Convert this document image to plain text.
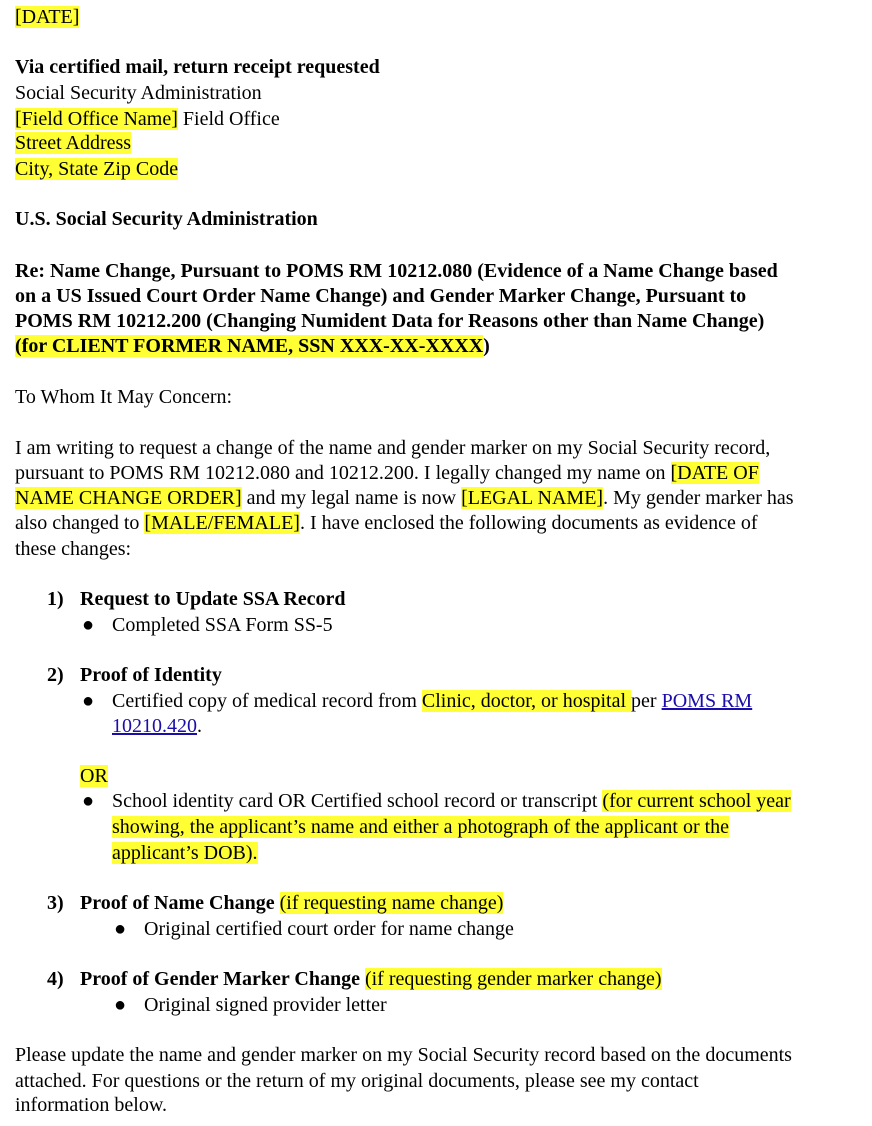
[DATE]
Via certified mail, return receipt requested
Social Security Administration
[Field Office Name] Field Office
Street Address
City, State Zip Code
U.S. Social Security Administration
Re: Name Change, Pursuant to POMS RM 10212.080 (Evidence of a Name Change based
on a US Issued Court Order Name Change) and Gender Marker Change, Pursuant to
POMS RM 10212.200 (Changing Numident Data for Reasons other than Name Change)
(for CLIENT FORMER NAME, SSN XXX-XX-XXXX)
To Whom It May Concern:
I am writing to request a change of the name and gender marker on my Social Security record,
pursuant to POMS RM 10212.080 and 10212.200. I legally changed my name on [DATE OF
NAME CHANGE ORDER] and my legal name is now [LEGAL NAME]. My gender marker has
also changed to [MALE/FEMALE]. I have enclosed the following documents as evidence of
these changes:
1) Request to Update SSA Record
● Completed SSA Form SS-5
2) Proof of Identity
● Certified copy of medical record from Clinic, doctor, or hospital per POMS RM
10210.420.
OR
● School identity card OR Certified school record or transcript (for current school year
showing, the applicant’s name and either a photograph of the applicant or the
applicant’s DOB).
3) Proof of Name Change (if requesting name change)
● Original certified court order for name change
4) Proof of Gender Marker Change (if requesting gender marker change)
● Original signed provider letter
Please update the name and gender marker on my Social Security record based on the documents
attached. For questions or the return of my original documents, please see my contact
information below.
